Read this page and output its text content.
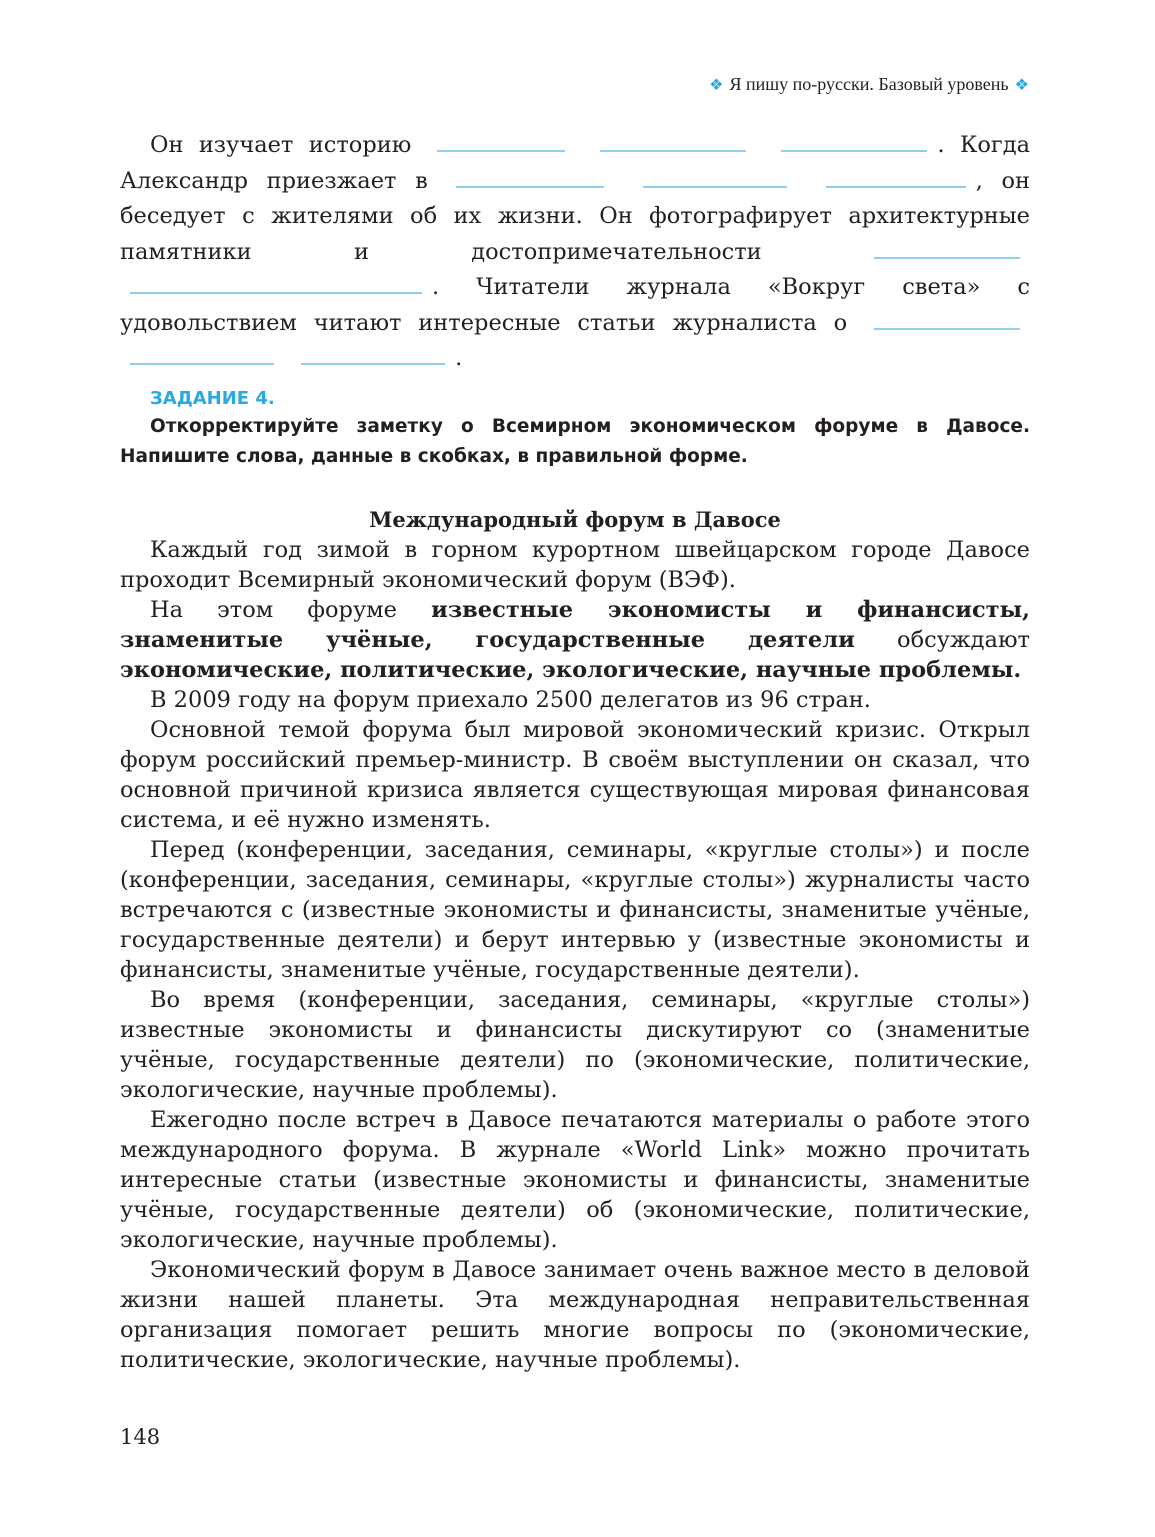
❖ Я пишу по-русски. Базовый уровень ❖
Он изучает историю	. Когда Александр приезжает в	, он беседует с жителями об их жизни. Он фотографирует архитектурные памятники и достопримечательности  . Читатели журнала «Вокруг света» с удовольствием читают интересные статьи журналиста о   .
ЗАДАНИЕ 4.
Откорректируйте заметку о Всемирном экономическом форуме в Давосе. Напишите слова, данные в скобках, в правильной форме.

Международный форум в Давосе

Каждый год зимой в горном курортном швейцарском городе Давосе проходит Всемирный экономический форум (ВЭФ).

На этом форуме известные экономисты и финансисты, знаменитые учёные, государственные деятели обсуждают экономические, политические, экологические, научные проблемы.

В 2009 году на форум приехало 2500 делегатов из 96 стран.

Основной темой форума был мировой экономический кризис. Открыл форум российский премьер-министр. В своём выступлении он сказал, что основной причиной кризиса является существующая мировая финансовая система, и её нужно изменять.

Перед (конференции, заседания, семинары, «круглые столы») и после (конференции, заседания, семинары, «круглые столы») журналисты часто встречаются с (известные экономисты и финансисты, знаменитые учёные, государственные деятели) и берут интервью у (известные экономисты и финансисты, знаменитые учёные, государственные деятели).

Во время (конференции, заседания, семинары, «круглые столы») известные экономисты и финансисты дискутируют со (знаменитые учёные, государственные деятели) по (экономические, политические, экологические, научные проблемы).

Ежегодно после встреч в Давосе печатаются материалы о работе этого международного форума. В журнале «World Link» можно прочитать интересные статьи (известные экономисты и финансисты, знаменитые учёные, государственные деятели) об (экономические, политические, экологические, научные проблемы).

Экономический форум в Давосе занимает очень важное место в деловой жизни нашей планеты. Эта международная неправительственная организация помогает решить многие вопросы по (экономические, политические, экологические, научные проблемы).

148
